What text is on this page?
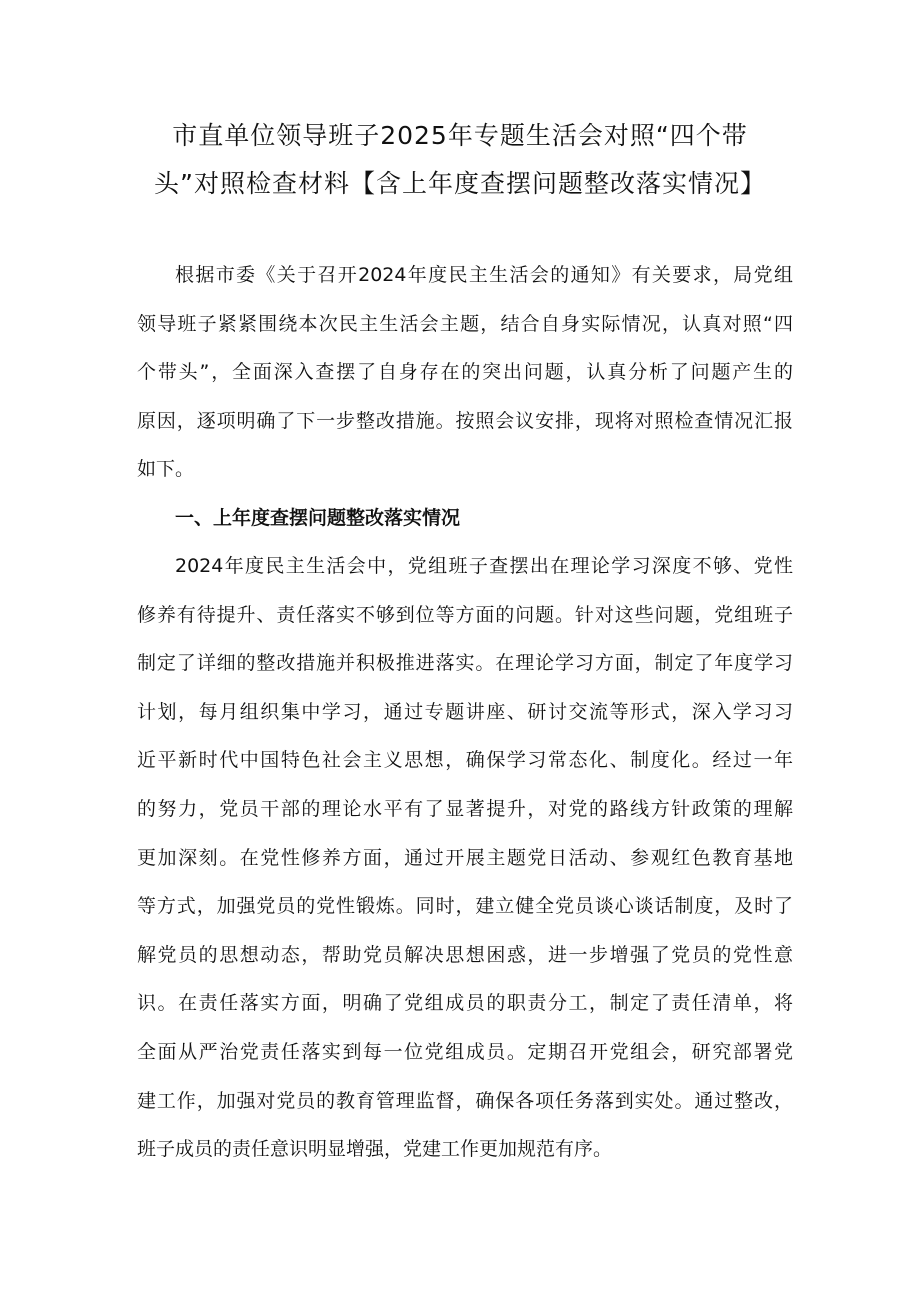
市直单位领导班子2025年专题生活会对照“四个带
头”对照检查材料【含上年度查摆问题整改落实情况】
根据市委《关于召开2024年度民主生活会的通知》有关要求，局党组
领导班子紧紧围绕本次民主生活会主题，结合自身实际情况，认真对照“四
个带头”，全面深入查摆了自身存在的突出问题，认真分析了问题产生的
原因，逐项明确了下一步整改措施。按照会议安排，现将对照检查情况汇报
如下。
一、上年度查摆问题整改落实情况
2024年度民主生活会中，党组班子查摆出在理论学习深度不够、党性
修养有待提升、责任落实不够到位等方面的问题。针对这些问题，党组班子
制定了详细的整改措施并积极推进落实。在理论学习方面，制定了年度学习
计划，每月组织集中学习，通过专题讲座、研讨交流等形式，深入学习习
近平新时代中国特色社会主义思想，确保学习常态化、制度化。经过一年
的努力，党员干部的理论水平有了显著提升，对党的路线方针政策的理解
更加深刻。在党性修养方面，通过开展主题党日活动、参观红色教育基地
等方式，加强党员的党性锻炼。同时，建立健全党员谈心谈话制度，及时了
解党员的思想动态，帮助党员解决思想困惑，进一步增强了党员的党性意
识。在责任落实方面，明确了党组成员的职责分工，制定了责任清单，将
全面从严治党责任落实到每一位党组成员。定期召开党组会，研究部署党
建工作，加强对党员的教育管理监督，确保各项任务落到实处。通过整改，
班子成员的责任意识明显增强，党建工作更加规范有序。
